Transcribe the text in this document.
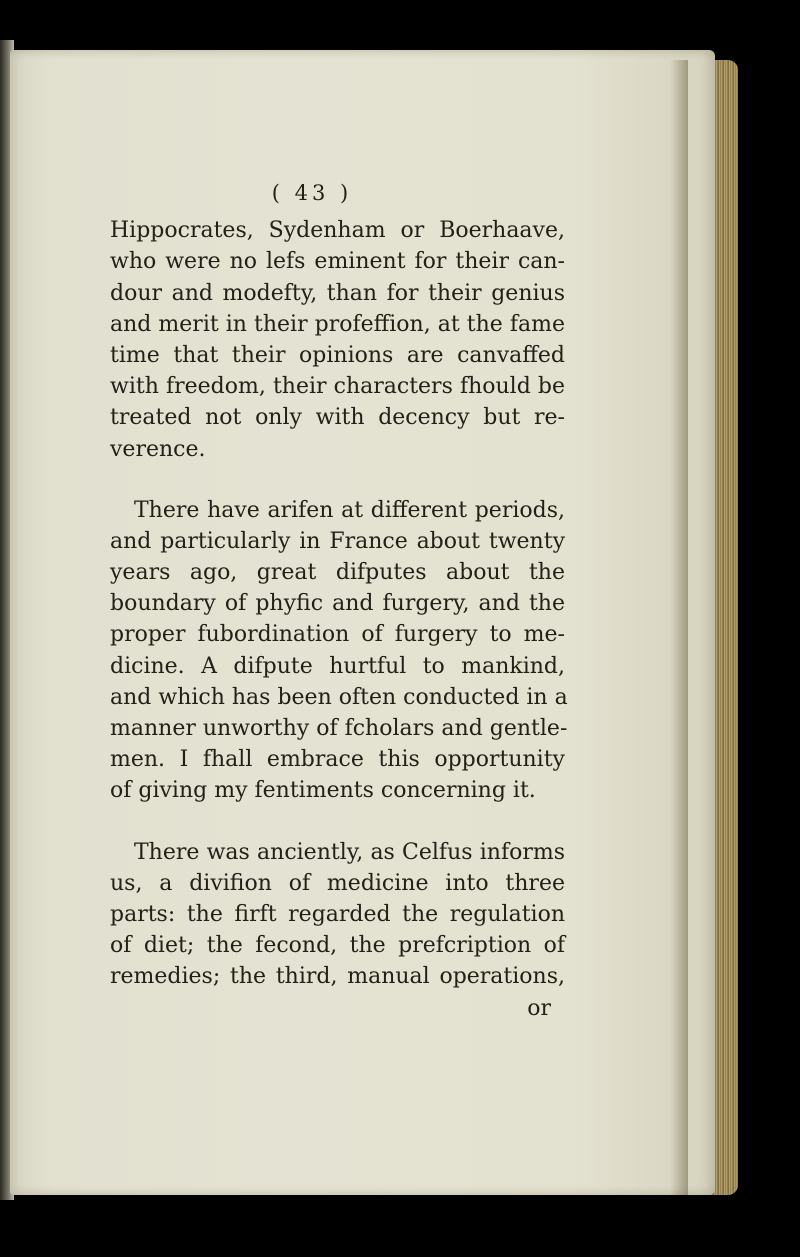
( 43 )
Hippocrates, Sydenham or Boerhaave,
who were no lefs eminent for their can-
dour and modefty, than for their genius
and merit in their profeffion, at the fame
time that their opinions are canvaffed
with freedom, their characters fhould be
treated not only with decency but re-
verence.
There have arifen at different periods,
and particularly in France about twenty
years ago, great difputes about the
boundary of phyfic and furgery, and the
proper fubordination of furgery to me-
dicine. A difpute hurtful to mankind,
and which has been often conducted in a
manner unworthy of fcholars and gentle-
men. I fhall embrace this opportunity
of giving my fentiments concerning it.
There was anciently, as Celfus informs
us, a divifion of medicine into three
parts: the firft regarded the regulation
of diet; the fecond, the prefcription of
remedies; the third, manual operations,
or
